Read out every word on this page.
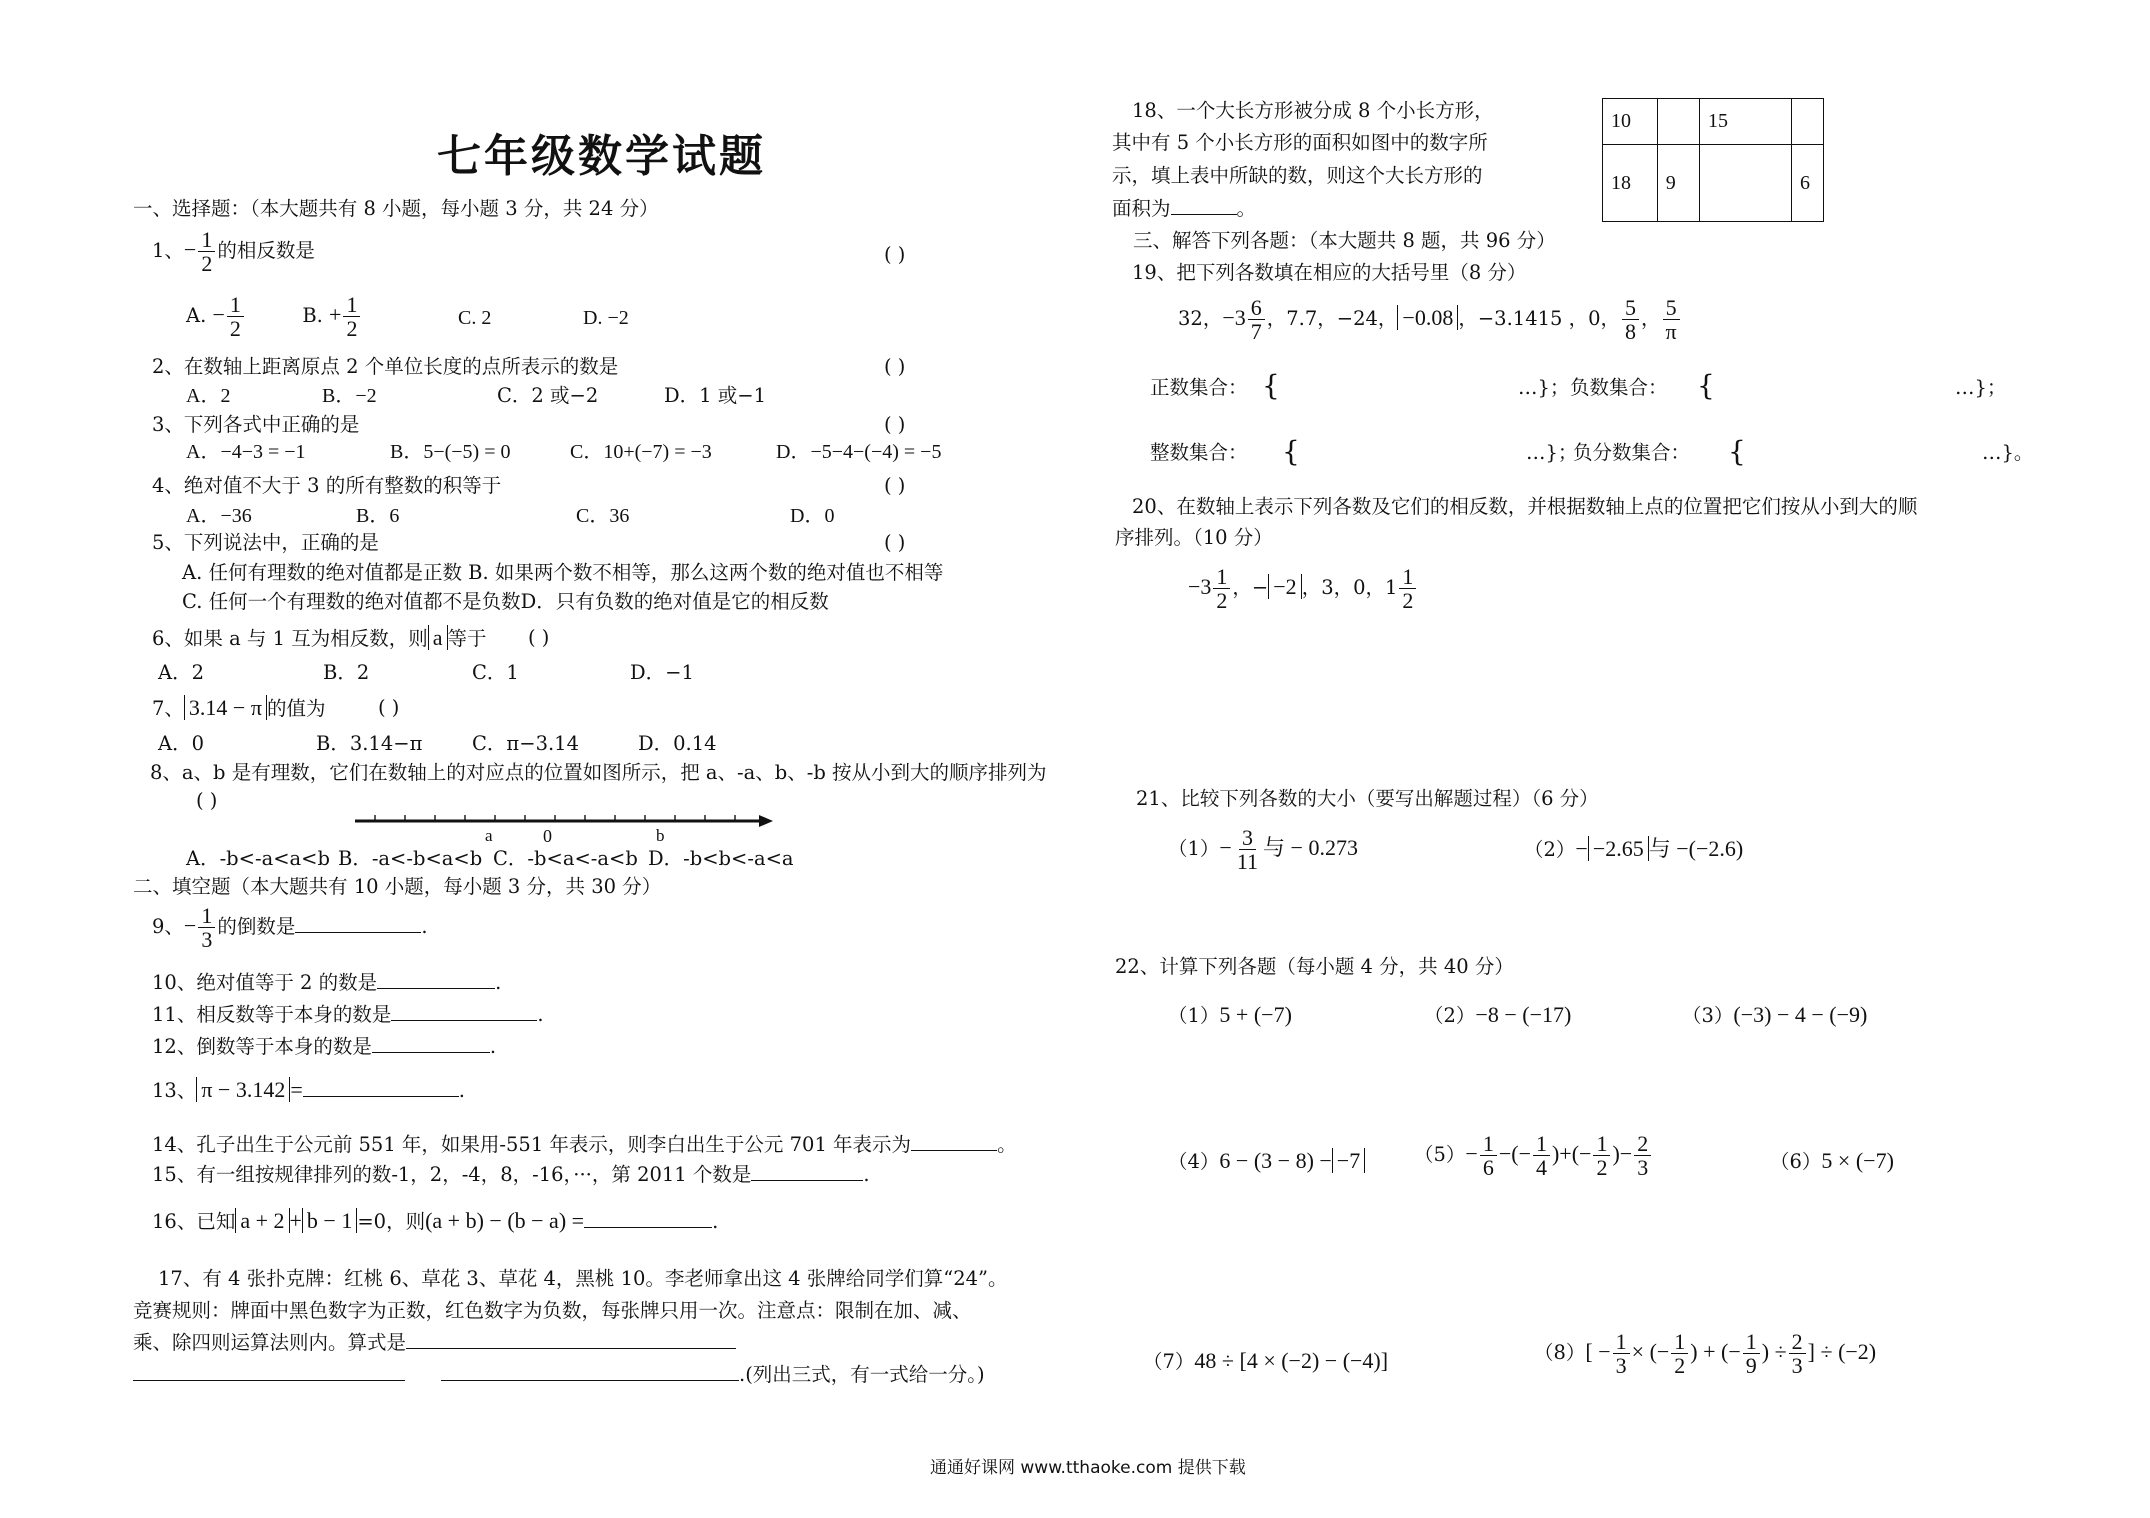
七年级数学试题
一、选择题：（本大题共有 8 小题，每小题 3 分，共 24 分）
1、− $\frac{1}{2}$ 的相反数是	( )
A. − $\frac{1}{2}$	B. + $\frac{1}{2}$	C. 2	D. −2
2、在数轴上距离原点 2 个单位长度的点所表示的数是	( )
A．2	B．−2	C．2 或−2	D．1 或−1
3、下列各式中正确的是	( )
A．−4−3 = −1	B．5−(−5) = 0	C．10+(−7) = −3	D．−5−4−(−4) = −5
4、绝对值不大于 3 的所有整数的积等于	( )
A．−36	B．6	C．36	D．0
5、下列说法中，正确的是	( )
A. 任何有理数的绝对值都是正数 B. 如果两个数不相等，那么这两个数的绝对值也不相等
C. 任何一个有理数的绝对值都不是负数D．只有负数的绝对值是它的相反数
6、如果 a 与 1 互为相反数，则 a 等于 ( )
A．2	B．2	C．1	D．−1
7、 3.14 − π 的值为	( )
A．0	B．3.14−π	C．π−3.14	D．0.14
8、a、b 是有理数，它们在数轴上的对应点的位置如图所示，把 a、-a、b、-b 按从小到大的顺序排列为
( )
a	0	b
A．-b<-a<a<b B．-a<-b<a<b C．-b<a<-a<b D．-b<b<-a<a
二、填空题（本大题共有 10 小题，每小题 3 分，共 30 分）
9、− $\frac{1}{3}$ 的倒数是	.
10、绝对值等于 2 的数是	.
11、相反数等于本身的数是	.
12、倒数等于本身的数是	.
13、 π − 3.142 =	.
14、孔子出生于公元前 551 年，如果用-551 年表示，则李白出生于公元 701 年表示为	。
15、有一组按规律排列的数-1，2，-4，8，-16，···，第 2011 个数是	.
16、已知 a + 2 + b − 1 =0，则(a + b) − (b − a) =	.
17、有 4 张扑克牌：红桃 6、草花 3、草花 4，黑桃 10。李老师拿出这 4 张牌给同学们算“24”。
竞赛规则：牌面中黑色数字为正数，红色数字为负数，每张牌只用一次。注意点：限制在加、减、
乘、除四则运算法则内。算式是
.(列出三式，有一式给一分。)
18、一个大长方形被分成 8 个小长方形，
其中有 5 个小长方形的面积如图中的数字所
示，填上表中所缺的数，则这个大长方形的
面积为	。
10		15	
18	9		6
三、解答下列各题：（本大题共 8 题，共 96 分）
19、把下列各数填在相应的大括号里（8 分）
32，$-3 \frac{6}{7}$ ，7.7，−24， −0.08 ，−3.1415 ，0， $\frac{5}{8}$ ， $\frac{5}{\pi}$
正数集合： {	…}； 负数集合： {	…}；
整数集合： {	…}；
负分数集合： {	…}。
20、在数轴上表示下列各数及它们的相反数，并根据数轴上点的位置把它们按从小到大的顺
序排列。（10 分）
$-3 \frac{1}{2}$ ，− −2 ，3，0，$1 \frac{1}{2}$
21、比较下列各数的大小（要写出解题过程）（6 分）
$(1)- \frac{3}{11}$ 与 − 0.273	（2）− −2.65 与 −(−2.6)
22、计算下列各题（每小题 4 分，共 40 分）
（1）5 + (−7)	（2）−8 − (−17)	（3）(−3) − 4 − (−9)
（4）6 − (3 − 8) − −7	$(5)- \frac{1}{6}$ −(− $\frac{1}{4}$ )+(− $\frac{1}{2}$ )− $\frac{2}{3}$	（6）5 × (−7)
（7）48 ÷ [4 × (−2) − (−4)]	$(8)[ - \frac{1}{3}$ × (− $\frac{1}{2}$ ) + (− $\frac{1}{9}$ ) ÷ $\frac{2}{3}$ ] ÷ (−2)
通通好课网 www.tthaoke.com 提供下载
